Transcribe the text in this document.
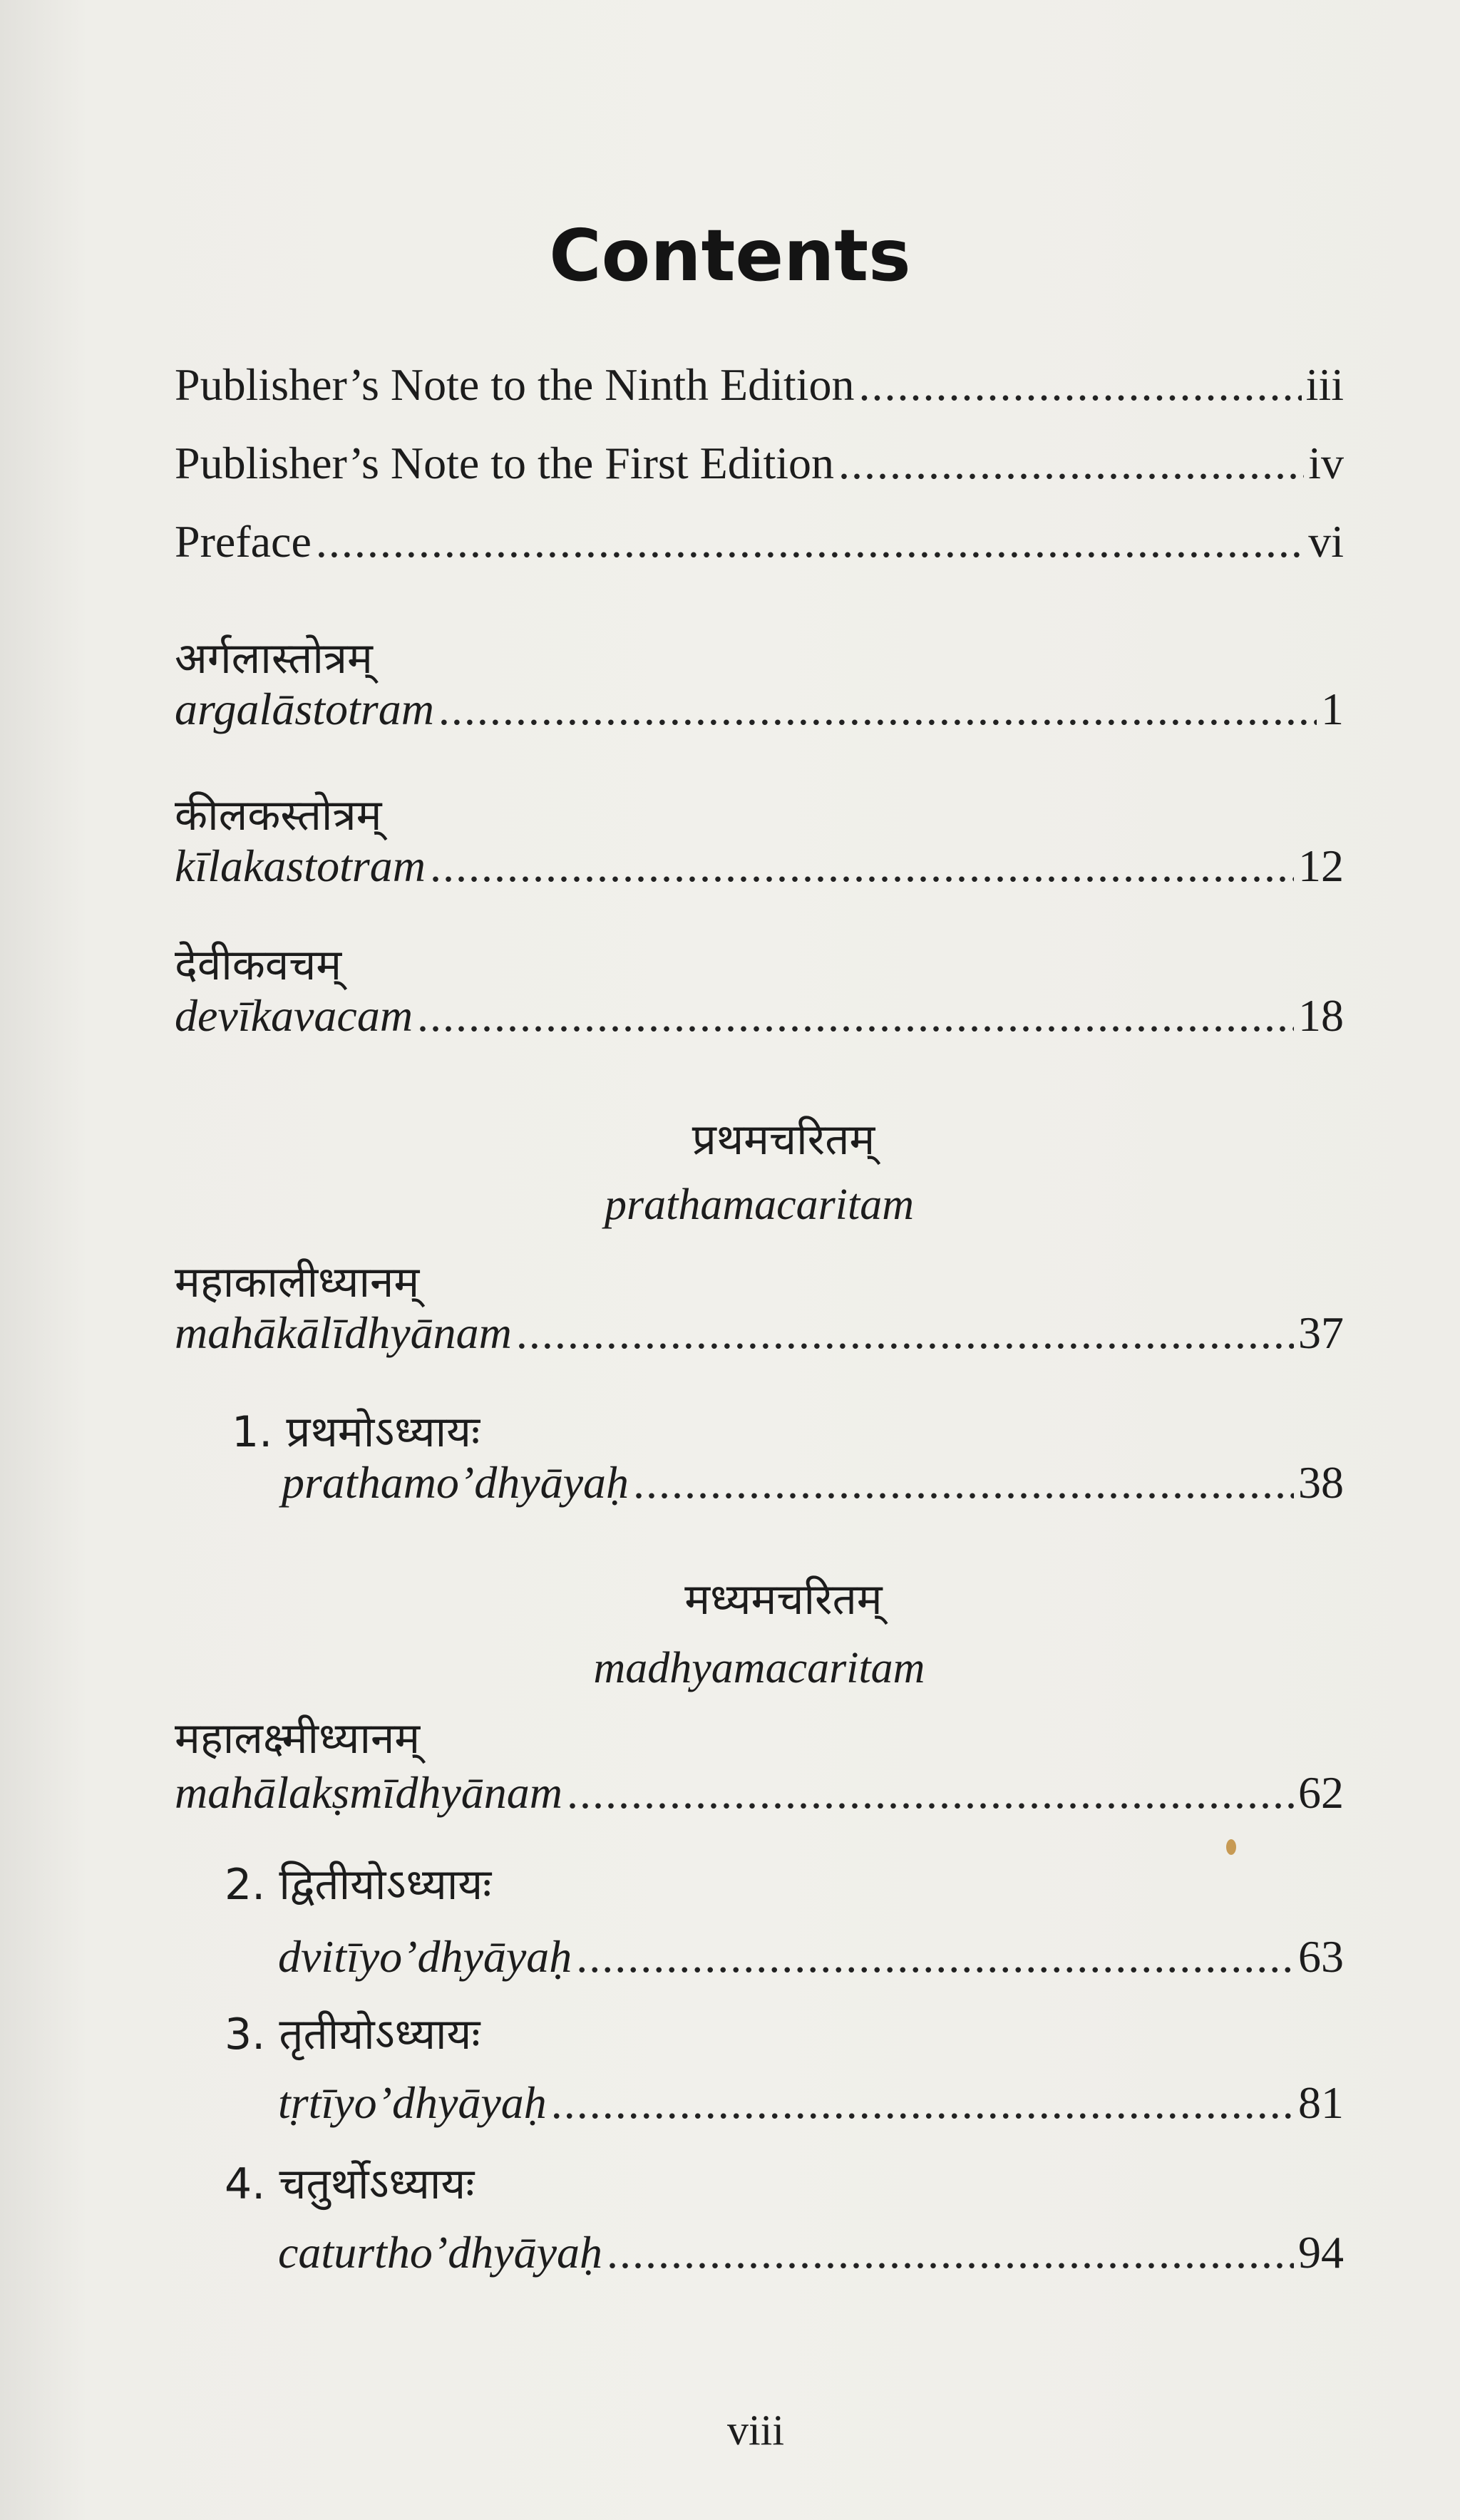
Contents
Publisher’s Note to the Ninth Edition .....	iii
Publisher’s Note to the First Edition .....	iv
Preface .....	vi
अर्गलास्तोत्रम्
argalāstotram .....	1
कीलकस्तोत्रम्
kīlakastotram .....	12
देवीकवचम्
devīkavacam .....	18
प्रथमचरितम्
prathamacaritam
महाकालीध्यानम्
mahākālīdhyānam .....	37
1. प्रथमोऽध्यायः
prathamo’dhyāyaḥ .....	38
मध्यमचरितम्
madhyamacaritam
महालक्ष्मीध्यानम्
mahālakṣmīdhyānam .....	62
2. द्वितीयोऽध्यायः
dvitīyo’dhyāyaḥ .....	63
3. तृतीयोऽध्यायः
tṛtīyo’dhyāyaḥ .....	81
4. चतुर्थोऽध्यायः
caturtho’dhyāyaḥ .....	94
viii
